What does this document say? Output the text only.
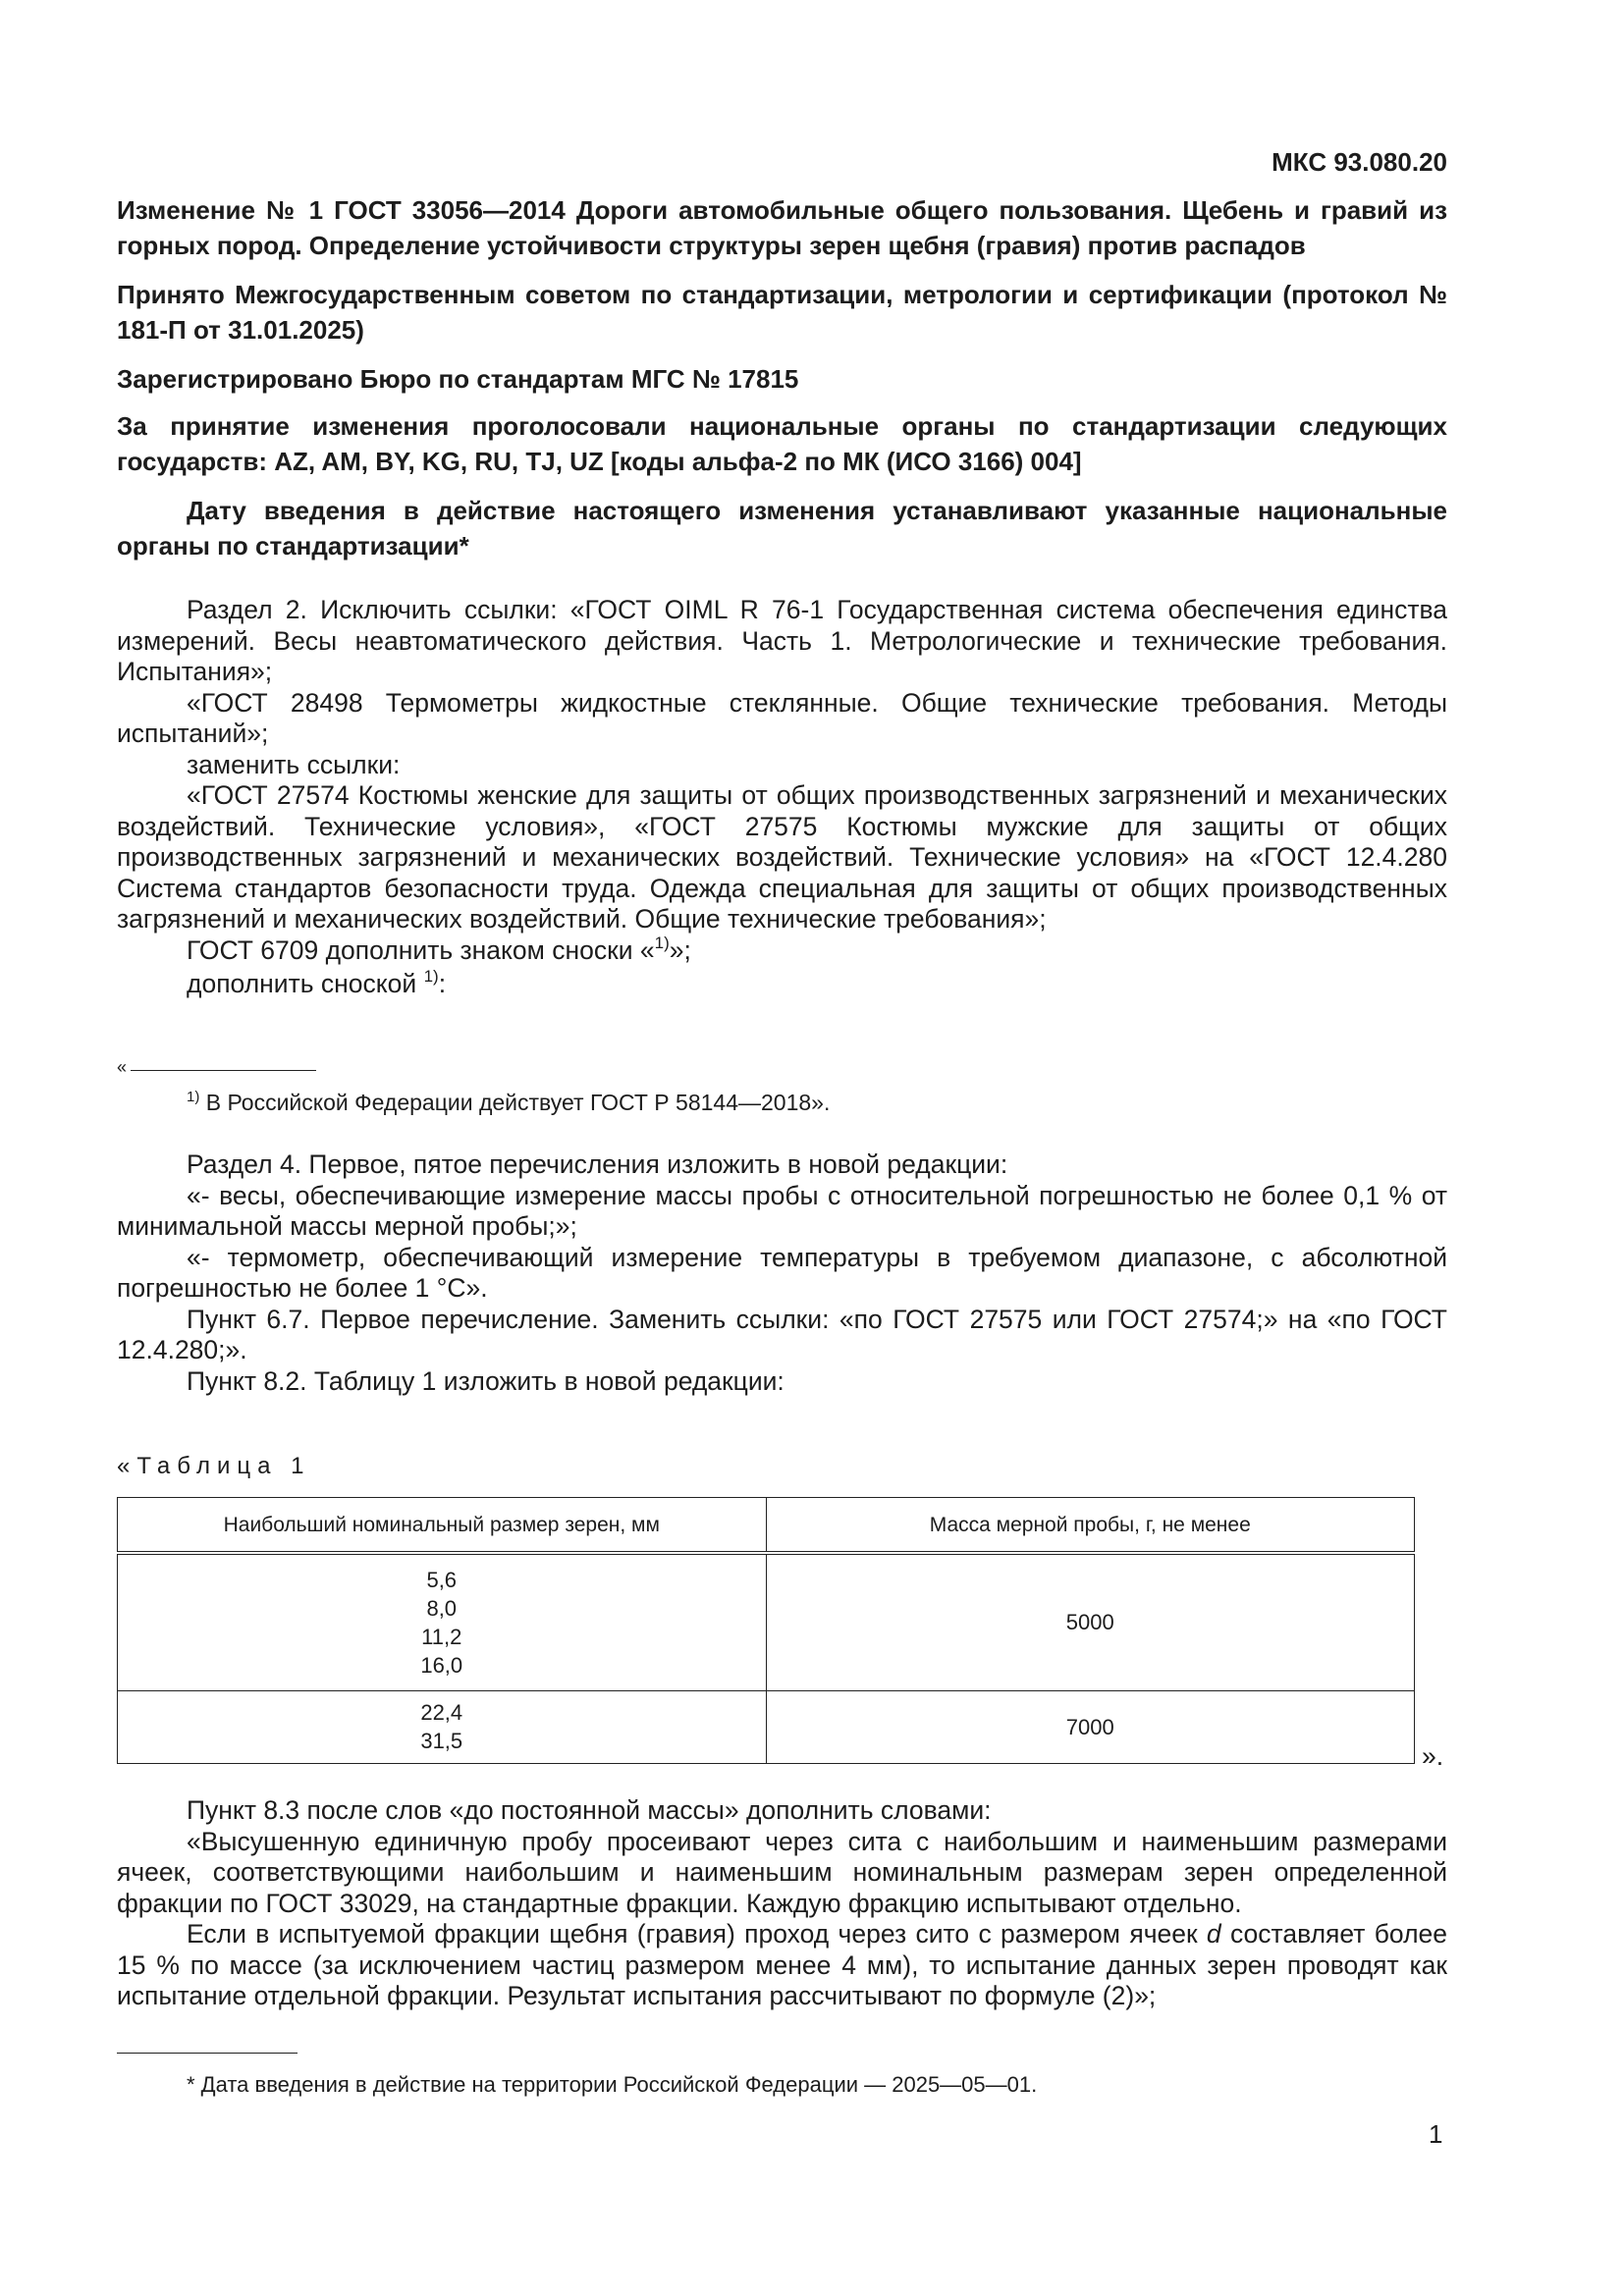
МКС 93.080.20
Изменение № 1 ГОСТ 33056—2014 Дороги автомобильные общего пользования. Щебень и гравий из горных пород. Определение устойчивости структуры зерен щебня (гравия) против распадов
Принято Межгосударственным советом по стандартизации, метрологии и сертификации (протокол № 181-П от 31.01.2025)
Зарегистрировано Бюро по стандартам МГС № 17815
За принятие изменения проголосовали национальные органы по стандартизации следующих государств: AZ, AM, BY, KG, RU, TJ, UZ [коды альфа-2 по МК (ИСО 3166) 004]
Дату введения в действие настоящего изменения устанавливают указанные национальные органы по стандартизации*

Раздел 2. Исключить ссылки: «ГОСТ OIML R 76-1 Государственная система обеспечения единства измерений. Весы неавтоматического действия. Часть 1. Метрологические и технические требования. Испытания»;

«ГОСТ 28498 Термометры жидкостные стеклянные. Общие технические требования. Методы испытаний»;

заменить ссылки:

«ГОСТ 27574 Костюмы женские для защиты от общих производственных загрязнений и механических воздействий. Технические условия», «ГОСТ 27575 Костюмы мужские для защиты от общих производственных загрязнений и механических воздействий. Технические условия» на «ГОСТ 12.4.280 Система стандартов безопасности труда. Одежда специальная для защиты от общих производственных загрязнений и механических воздействий. Общие технические требования»;

ГОСТ 6709 дополнить знаком сноски «$^{1)}$»;

дополнить сноской $^{1)}$:

«
$^{1)}$ В Российской Федерации действует ГОСТ Р 58144—2018».

Раздел 4. Первое, пятое перечисления изложить в новой редакции:

«- весы, обеспечивающие измерение массы пробы с относительной погрешностью не более 0,1 % от минимальной массы мерной пробы;»;

«- термометр, обеспечивающий измерение температуры в требуемом диапазоне, с абсолютной погрешностью не более 1 °С».

Пункт 6.7. Первое перечисление. Заменить ссылки: «по ГОСТ 27575 или ГОСТ 27574;» на «по ГОСТ 12.4.280;».

Пункт 8.2. Таблицу 1 изложить в новой редакции:

«Таблица 1
Наибольший номинальный размер зерен, мм	Масса мерной пробы, г, не менее

5,6
8,0
11,2
16,0	5000

22,4
31,5	7000
».

Пункт 8.3 после слов «до постоянной массы» дополнить словами:

«Высушенную единичную пробу просеивают через сита с наибольшим и наименьшим размерами ячеек, соответствующими наибольшим и наименьшим номинальным размерам зерен определенной фракции по ГОСТ 33029, на стандартные фракции. Каждую фракцию испытывают отдельно.

Если в испытуемой фракции щебня (гравия) проход через сито с размером ячеек d составляет более 15 % по массе (за исключением частиц размером менее 4 мм), то испытание данных зерен проводят как испытание отдельной фракции. Результат испытания рассчитывают по формуле (2)»;

* Дата введения в действие на территории Российской Федерации — 2025—05—01.
1
